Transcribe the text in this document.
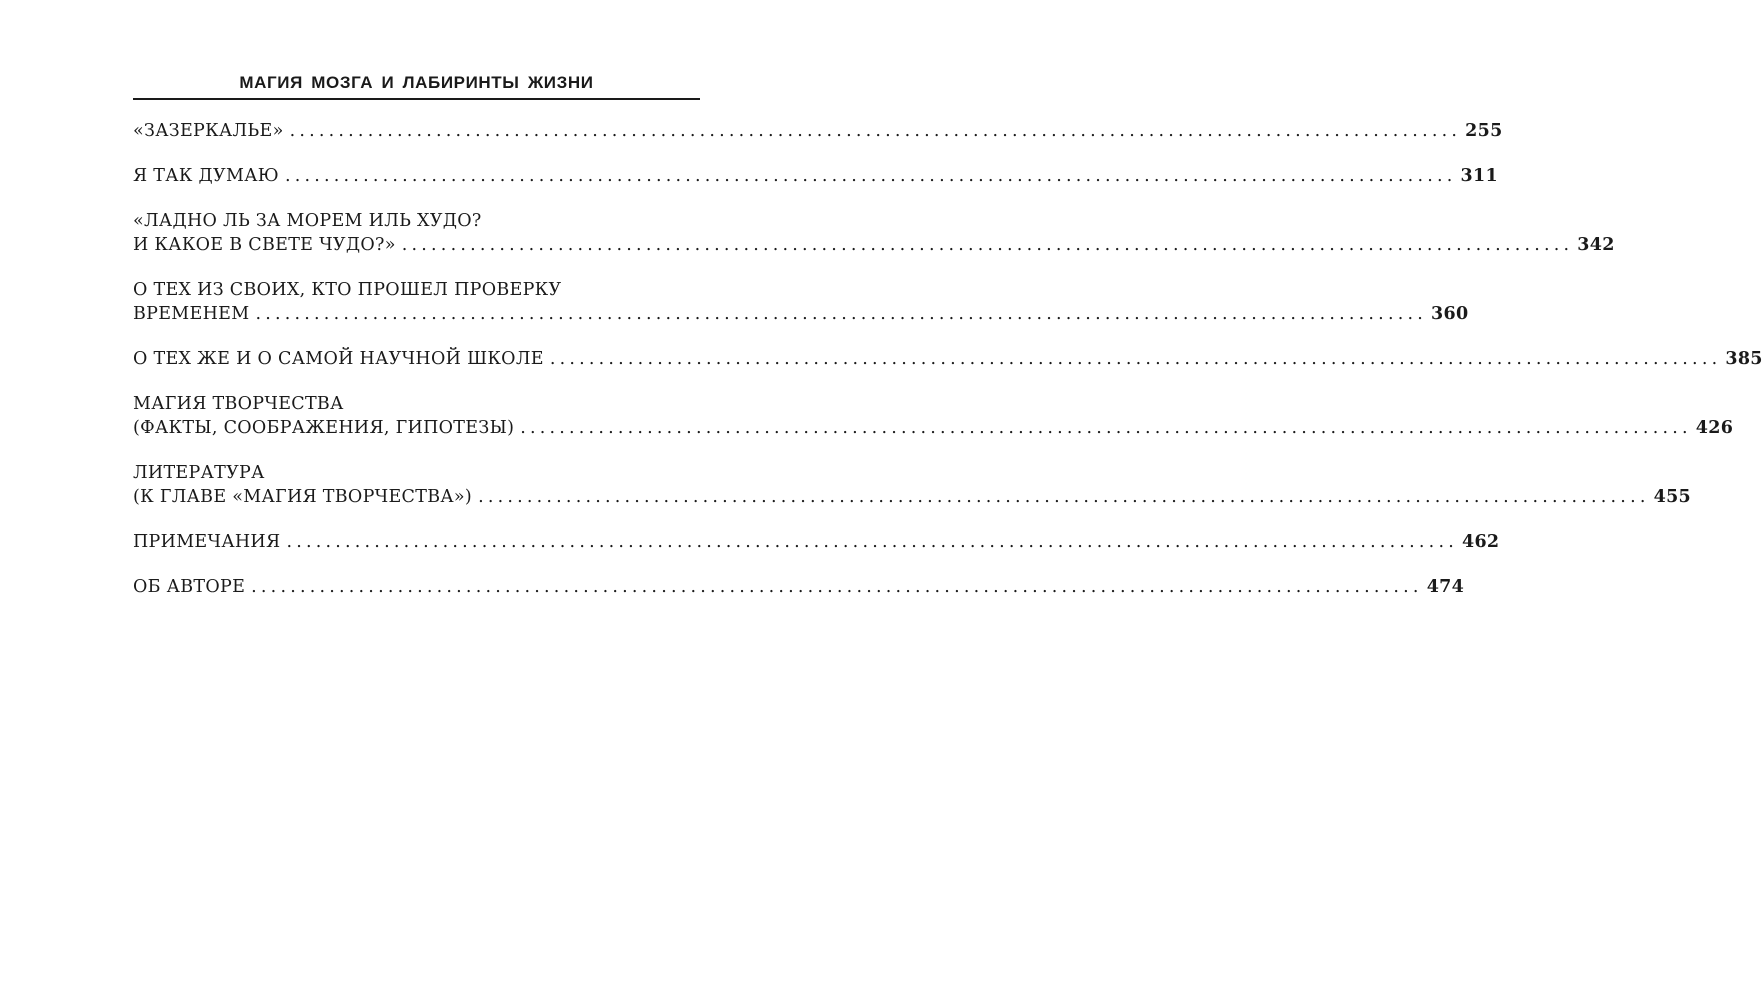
МАГИЯ МОЗГА И ЛАБИРИНТЫ ЖИЗНИ
«ЗАЗЕРКАЛЬЕ» ........................................................................................................................ 255
Я ТАК ДУМАЮ ........................................................................................................................ 311
«ЛАДНО ЛЬ ЗА МОРЕМ ИЛЬ ХУДО?
И КАКОЕ В СВЕТЕ ЧУДО?» ........................................................................................................................ 342
О ТЕХ ИЗ СВОИХ, КТО ПРОШЕЛ ПРОВЕРКУ
ВРЕМЕНЕМ ........................................................................................................................ 360
О ТЕХ ЖЕ И О САМОЙ НАУЧНОЙ ШКОЛЕ ........................................................................................................................ 385
МАГИЯ ТВОРЧЕСТВА
(ФАКТЫ, СООБРАЖЕНИЯ, ГИПОТЕЗЫ) ........................................................................................................................ 426
ЛИТЕРАТУРА
(К ГЛАВЕ «МАГИЯ ТВОРЧЕСТВА») ........................................................................................................................ 455
ПРИМЕЧАНИЯ ........................................................................................................................ 462
ОБ АВТОРЕ ........................................................................................................................ 474
